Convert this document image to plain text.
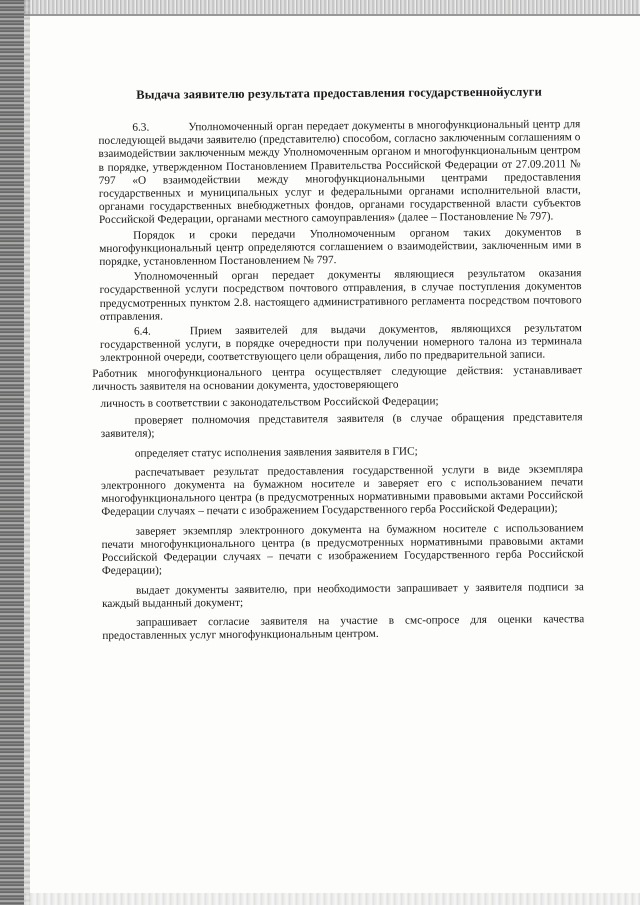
Выдача заявителю результата предоставления государственнойуслуги

6.3.	Уполномоченный орган передает документы в многофункциональный центр для последующей выдачи заявителю (представителю) способом, согласно заключенным соглашениям о взаимодействии заключенным между Уполномоченным органом и многофункциональным центром в порядке, утвержденном Постановлением Правительства Российской Федерации от 27.09.2011 № 797 «О взаимодействии между многофункциональными центрами предоставления государственных и муниципальных услуг и федеральными органами исполнительной власти, органами государственных внебюджетных фондов, органами государственной власти субъектов Российской Федерации, органами местного самоуправления» (далее – Постановление № 797).

Порядок и сроки передачи Уполномоченным органом таких документов в многофункциональный центр определяются соглашением о взаимодействии, заключенным ими в порядке, установленном Постановлением № 797.

Уполномоченный орган передает документы являющиеся результатом оказания государственной услуги посредством почтового отправления, в случае поступления документов предусмотренных пунктом 2.8. настоящего административного регламента посредством почтового отправления.

6.4.	Прием заявителей для выдачи документов, являющихся результатом государственной услуги, в порядке очередности при получении номерного талона из терминала электронной очереди, соответствующего цели обращения, либо по предварительной записи.

Работник многофункционального центра осуществляет следующие действия: устанавливает личность заявителя на основании документа, удостоверяющего

личность в соответствии с законодательством Российской Федерации;

проверяет полномочия представителя заявителя (в случае обращения представителя заявителя);

определяет статус исполнения заявления заявителя в ГИС;

распечатывает результат предоставления государственной услуги в виде экземпляра электронного документа на бумажном носителе и заверяет его с использованием печати многофункционального центра (в предусмотренных нормативными правовыми актами Российской Федерации случаях – печати с изображением Государственного герба Российской Федерации);

заверяет экземпляр электронного документа на бумажном носителе с использованием печати многофункционального центра (в предусмотренных нормативными правовыми актами Российской Федерации случаях – печати с изображением Государственного герба Российской Федерации);

выдает документы заявителю, при необходимости запрашивает у заявителя подписи за каждый выданный документ;

запрашивает согласие заявителя на участие в смс-опросе для оценки качества предоставленных услуг многофункциональным центром.
